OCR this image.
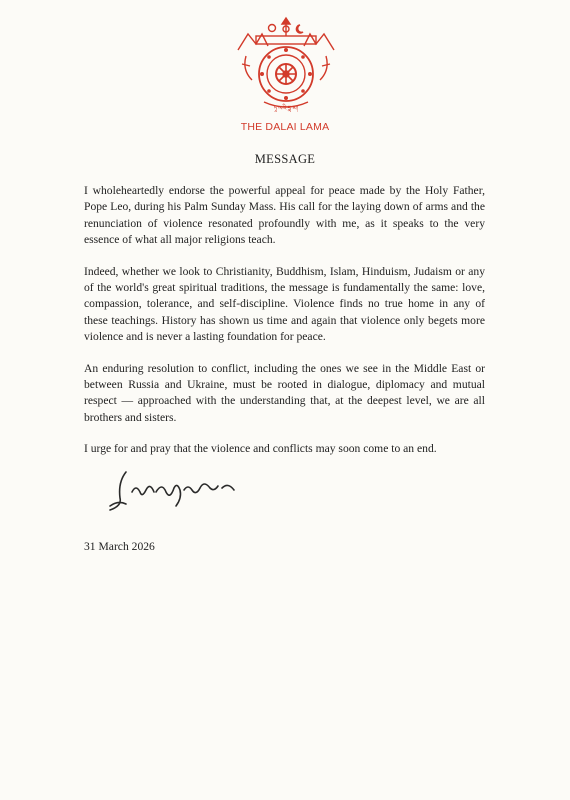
ཏཱ་ལའི་བླ་མ།
THE DALAI LAMA
MESSAGE

I wholeheartedly endorse the powerful appeal for peace made by the Holy Father, Pope Leo, during his Palm Sunday Mass. His call for the laying down of arms and the renunciation of violence resonated profoundly with me, as it speaks to the very essence of what all major religions teach.

Indeed, whether we look to Christianity, Buddhism, Islam, Hinduism, Judaism or any of the world's great spiritual traditions, the message is fundamentally the same: love, compassion, tolerance, and self-discipline. Violence finds no true home in any of these teachings. History has shown us time and again that violence only begets more violence and is never a lasting foundation for peace.

An enduring resolution to conflict, including the ones we see in the Middle East or between Russia and Ukraine, must be rooted in dialogue, diplomacy and mutual respect — approached with the understanding that, at the deepest level, we are all brothers and sisters.

I urge for and pray that the violence and conflicts may soon come to an end.

31 March 2026
